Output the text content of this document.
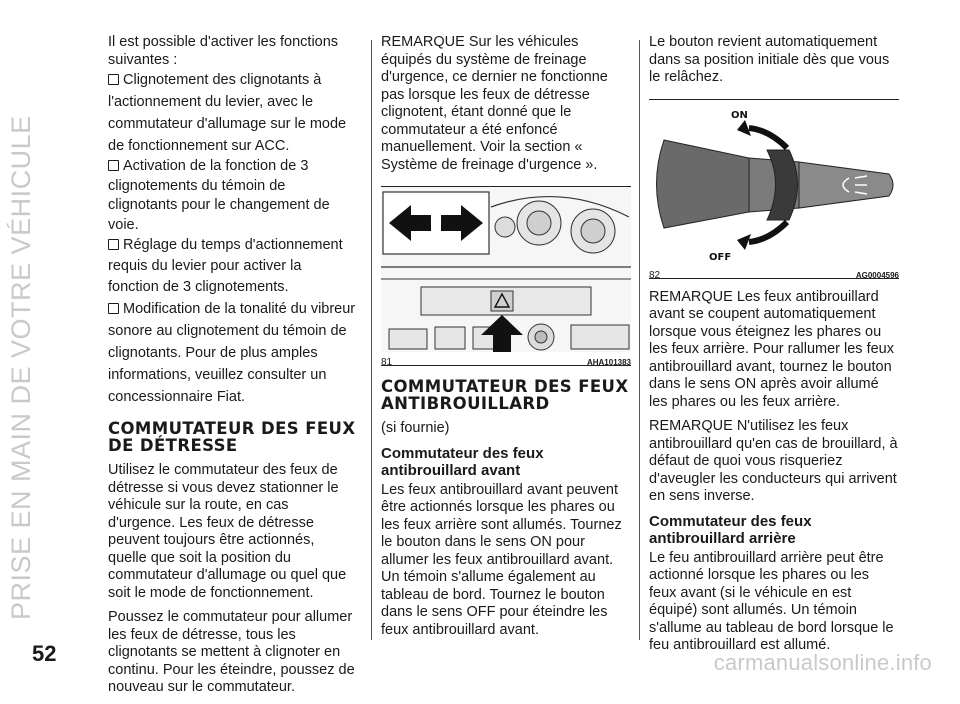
PRISE EN MAIN DE VOTRE VÉHICULE

Il est possible d'activer les fonctions suivantes :

Clignotement des clignotants à l'actionnement du levier, avec le commutateur d'allumage sur le mode de fonctionnement sur ACC.
Activation de la fonction de 3 clignotements du témoin de clignotants pour le changement de voie.
Réglage du temps d'actionnement requis du levier pour activer la fonction de 3 clignotements.
Modification de la tonalité du vibreur sonore au clignotement du témoin de clignotants. Pour de plus amples informations, veuillez consulter un concessionnaire Fiat.
COMMUTATEUR DES FEUX DE DÉTRESSE

Utilisez le commutateur des feux de détresse si vous devez stationner le véhicule sur la route, en cas d'urgence. Les feux de détresse peuvent toujours être actionnés, quelle que soit la position du commutateur d'allumage ou quel que soit le mode de fonctionnement.

Poussez le commutateur pour allumer les feux de détresse, tous les clignotants se mettent à clignoter en continu. Pour les éteindre, poussez de nouveau sur le commutateur.

REMARQUE Sur les véhicules équipés du système de freinage d'urgence, ce dernier ne fonctionne pas lorsque les feux de détresse clignotent, étant donné que le commutateur a été enfoncé manuellement. Voir la section « Système de freinage d'urgence ».

81	AHA101383
COMMUTATEUR DES FEUX ANTIBROUILLARD

(si fournie)

Commutateur des feux antibrouillard avant

Les feux antibrouillard avant peuvent être actionnés lorsque les phares ou les feux arrière sont allumés. Tournez le bouton dans le sens ON pour allumer les feux antibrouillard avant. Un témoin s'allume également au tableau de bord. Tournez le bouton dans le sens OFF pour éteindre les feux antibrouillard avant.

Le bouton revient automatiquement dans sa position initiale dès que vous le relâchez.

ON
OFF
82	AG0004596

REMARQUE Les feux antibrouillard avant se coupent automatiquement lorsque vous éteignez les phares ou les feux arrière. Pour rallumer les feux antibrouillard avant, tournez le bouton dans le sens ON après avoir allumé les phares ou les feux arrière.

REMARQUE N'utilisez les feux antibrouillard qu'en cas de brouillard, à défaut de quoi vous risqueriez d'aveugler les conducteurs qui arrivent en sens inverse.

Commutateur des feux antibrouillard arrière

Le feu antibrouillard arrière peut être actionné lorsque les phares ou les feux avant (si le véhicule en est équipé) sont allumés. Un témoin s'allume au tableau de bord lorsque le feu antibrouillard est allumé.

52	carmanualsonline.info
